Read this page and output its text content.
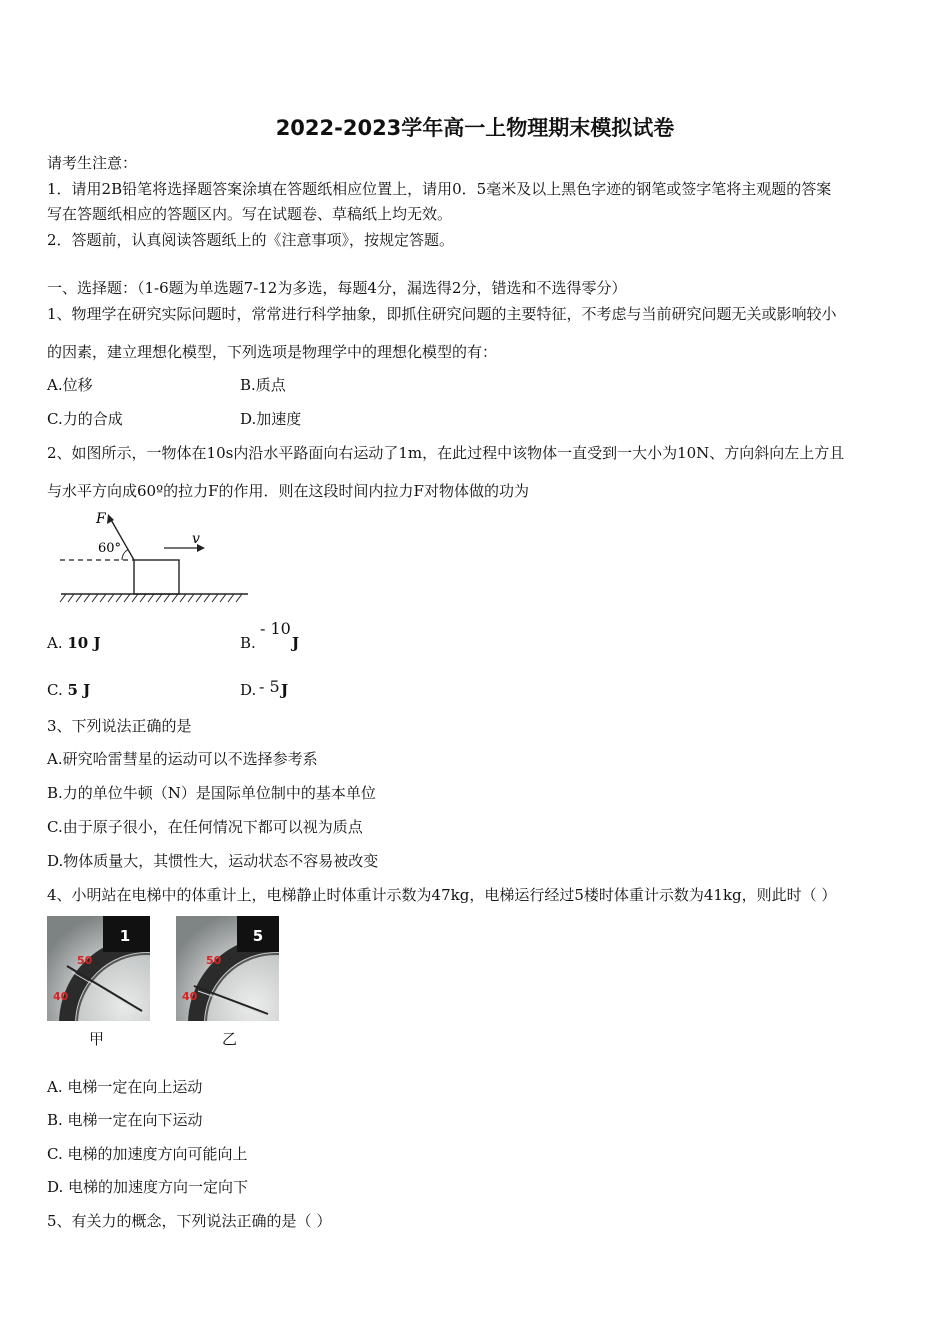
2022-2023学年高一上物理期末模拟试卷
请考生注意：
1．请用2B铅笔将选择题答案涂填在答题纸相应位置上，请用0．5毫米及以上黑色字迹的钢笔或签字笔将主观题的答案
写在答题纸相应的答题区内。写在试题卷、草稿纸上均无效。
2．答题前，认真阅读答题纸上的《注意事项》，按规定答题。
一、选择题：（1-6题为单选题7-12为多选，每题4分，漏选得2分，错选和不选得零分）
1、物理学在研究实际问题时，常常进行科学抽象，即抓住研究问题的主要特征，不考虑与当前研究问题无关或影响较小
的因素，建立理想化模型，下列选项是物理学中的理想化模型的有：
A.位移	B.质点
C.力的合成	D.加速度
2、如图所示，一物体在10s内沿水平路面向右运动了1m，在此过程中该物体一直受到一大小为10N、方向斜向左上方且
与水平方向成60º的拉力F的作用．则在这段时间内拉力F对物体做的功为
F
60°
v
A. 10 J	B.
- 10
J
C. 5 J	D. - 5 J
3、下列说法正确的是
A.研究哈雷彗星的运动可以不选择参考系
B.力的单位牛顿（N）是国际单位制中的基本单位
C.由于原子很小，在任何情况下都可以视为质点
D.物体质量大，其惯性大，运动状态不容易被改变
4、小明站在电梯中的体重计上，电梯静止时体重计示数为47kg，电梯运行经过5楼时体重计示数为41kg，则此时（ ）
50
40
1
甲
50
40
5
乙
A. 电梯一定在向上运动
B. 电梯一定在向下运动
C. 电梯的加速度方向可能向上
D. 电梯的加速度方向一定向下
5、有关力的概念，下列说法正确的是（ ）
